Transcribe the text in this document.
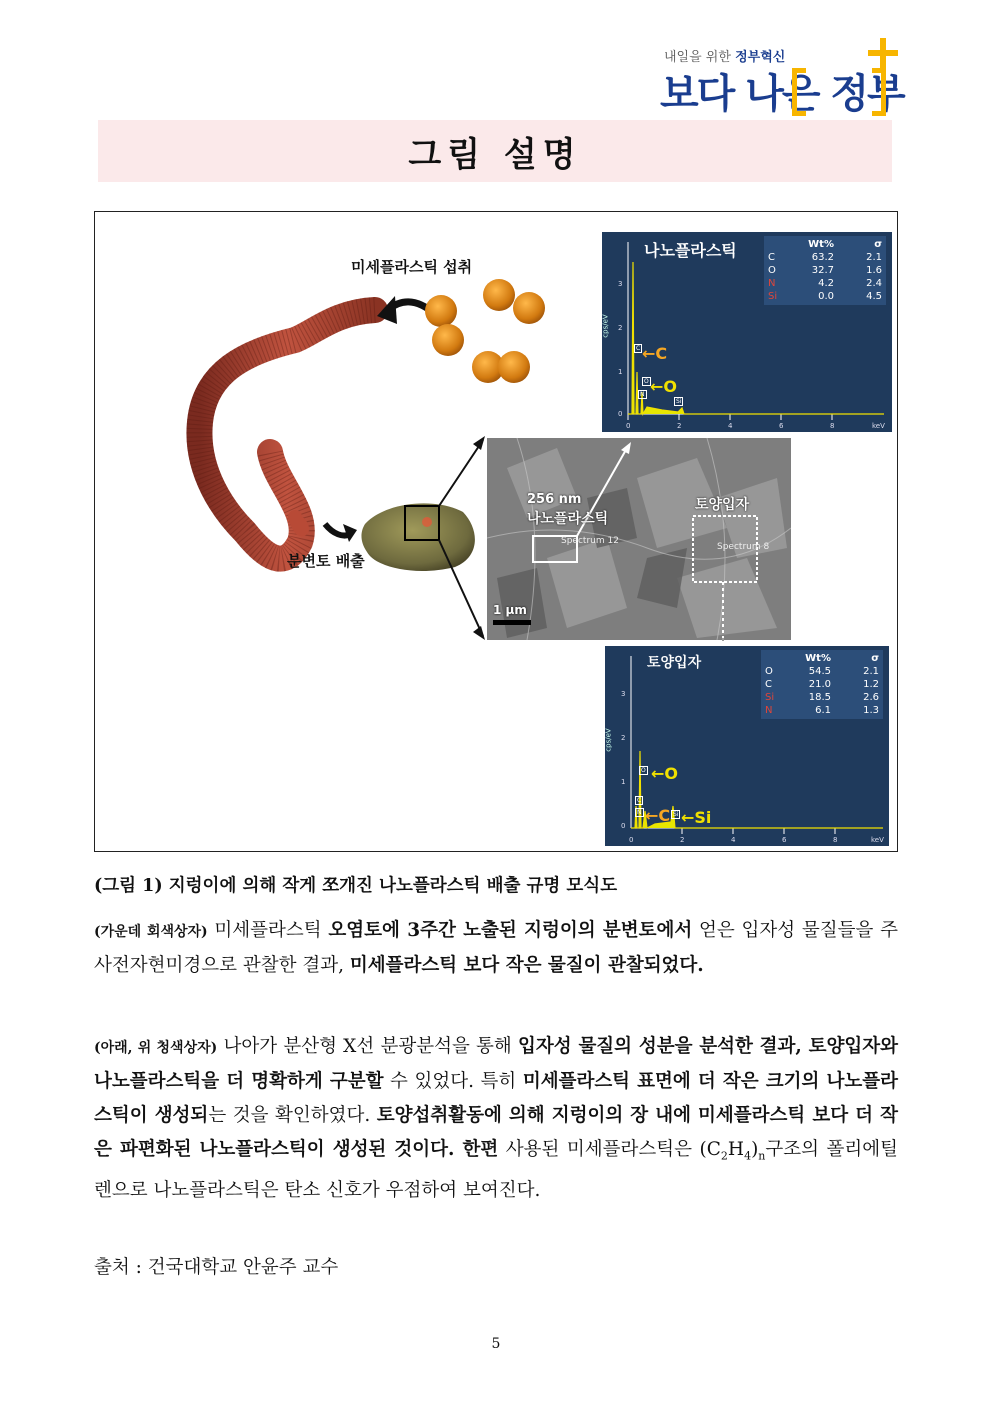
내일을 위한 정부혁신
보다 나은 정부
그림 설명
미세플라스틱 섭취
분변토 배출
256 nm
나노플라스틱
토양입자
Spectrum 12
Spectrum 8
1 μm
cps/eV
3
2
1
0
0	2	4	6	8	keV
나노플라스틱	Wt%	σ
C	63.2	2.1
O	32.7	1.6
N	4.2	2.4
Si	0.0	4.5
C
O
N
Si
←C
←O
cps/eV
3
2
1
0
0	2	4	6	8	keV
토양입자	Wt%	σ
O	54.5	2.1
C	21.0	1.2
Si	18.5	2.6
N	6.1	1.3
O
C
N	Si
←O
←C ←Si
(그림 1) 지렁이에 의해 작게 쪼개진 나노플라스틱 배출 규명 모식도
(가운데 회색상자) 미세플라스틱 오염토에 3주간 노출된 지렁이의 분변토에서 얻은 입자성 물질들을 주사전자현미경으로 관찰한 결과, 미세플라스틱 보다 작은 물질이 관찰되었다.
(아래, 위 청색상자) 나아가 분산형 X선 분광분석을 통해 입자성 물질의 성분을 분석한 결과, 토양입자와 나노플라스틱을 더 명확하게 구분할 수 있었다. 특히 미세플라스틱 표면에 더 작은 크기의 나노플라스틱이 생성되는 것을 확인하였다. 토양섭취활동에 의해 지렁이의 장 내에 미세플라스틱 보다 더 작은 파편화된 나노플라스틱이 생성된 것이다. 한편 사용된 미세플라스틱은 $(C_2H_4)_n$구조의 폴리에틸렌으로 나노플라스틱은 탄소 신호가 우점하여 보여진다.
출처 : 건국대학교 안윤주 교수
5
